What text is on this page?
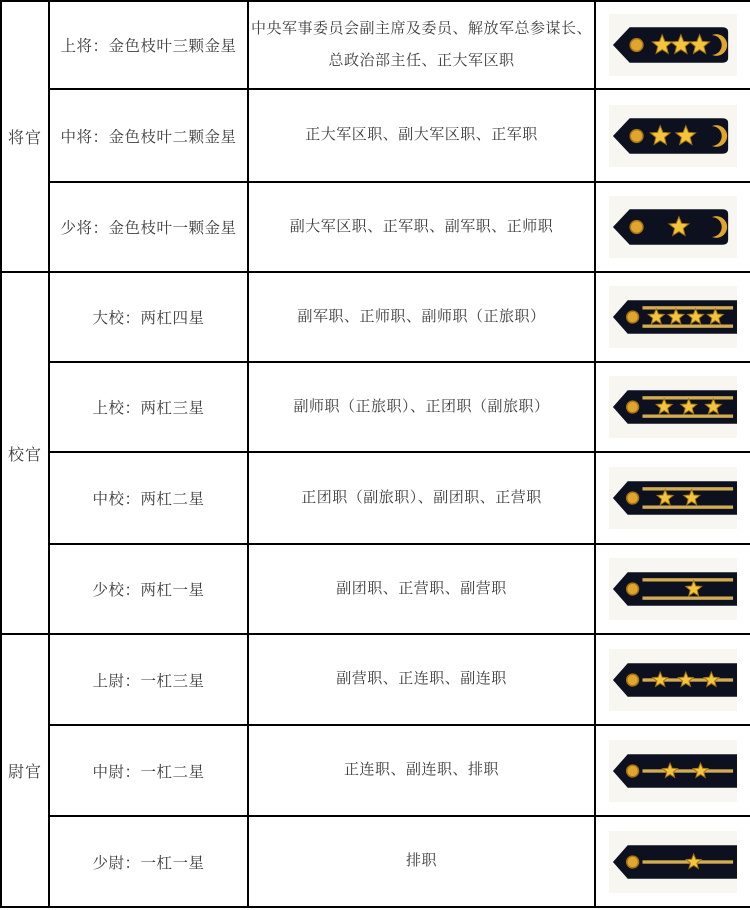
将官	上将：金色枝叶三颗金星	中央军事委员会副主席及委员、解放军总参谋长、总政治部主任、正大军区职	

	中将：金色枝叶二颗金星	正大军区职、副大军区职、正军职	

	少将：金色枝叶一颗金星	副大军区职、正军职、副军职、正师职	

校官	大校：两杠四星	副军职、正师职、副师职（正旅职）	

	上校：两杠三星	副师职（正旅职）、正团职（副旅职）	

	中校：两杠二星	正团职（副旅职）、副团职、正营职	

	少校：两杠一星	副团职、正营职、副营职	

尉官	上尉：一杠三星	副营职、正连职、副连职	

	中尉：一杠二星	正连职、副连职、排职	

	少尉：一杠一星	排职	
